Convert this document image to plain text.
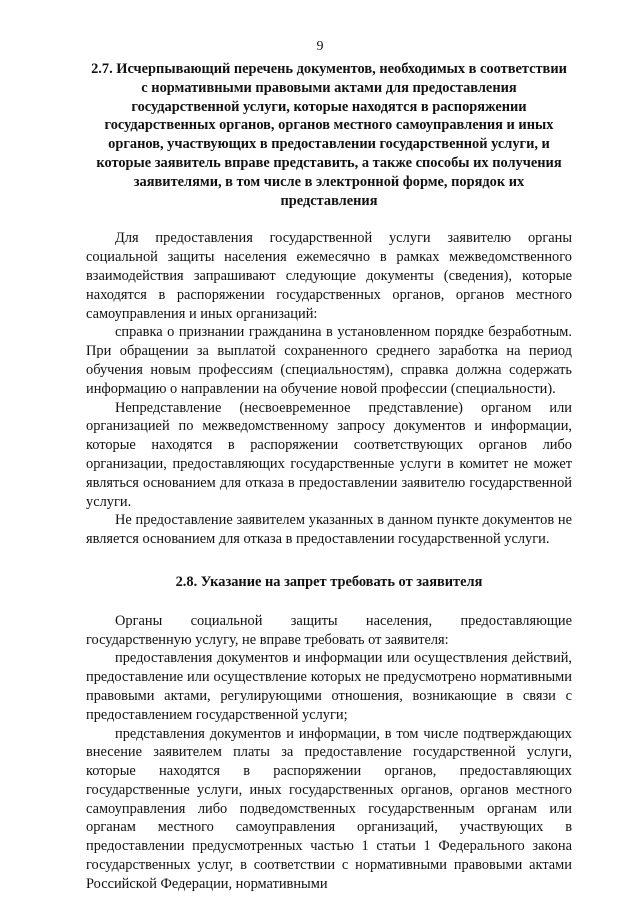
9
2.7. Исчерпывающий перечень документов, необходимых в соответствии с нормативными правовыми актами для предоставления государственной услуги, которые находятся в распоряжении государственных органов, органов местного самоуправления и иных органов, участвующих в предоставлении государственной услуги, и которые заявитель вправе представить, а также способы их получения заявителями, в том числе в электронной форме, порядок их представления

Для предоставления государственной услуги заявителю органы социальной защиты населения ежемесячно в рамках межведомственного взаимодействия запрашивают следующие документы (сведения), которые находятся в распоряжении государственных органов, органов местного самоуправления и иных организаций:

справка о признании гражданина в установленном порядке безработным. При обращении за выплатой сохраненного среднего заработка на период обучения новым профессиям (специальностям), справка должна содержать информацию о направлении на обучение новой профессии (специальности).

Непредставление (несвоевременное представление) органом или организацией по межведомственному запросу документов и информации, которые находятся в распоряжении соответствующих органов либо организации, предоставляющих государственные услуги в комитет не может являться основанием для отказа в предоставлении заявителю государственной услуги.

Не предоставление заявителем указанных в данном пункте документов не является основанием для отказа в предоставлении государственной услуги.

2.8. Указание на запрет требовать от заявителя

Органы социальной защиты населения, предоставляющие государственную услугу, не вправе требовать от заявителя:

предоставления документов и информации или осуществления действий, предоставление или осуществление которых не предусмотрено нормативными правовыми актами, регулирующими отношения, возникающие в связи с предоставлением государственной услуги;

представления документов и информации, в том числе подтверждающих внесение заявителем платы за предоставление государственной услуги, которые находятся в распоряжении органов, предоставляющих государственные услуги, иных государственных органов, органов местного самоуправления либо подведомственных государственным органам или органам местного самоуправления организаций, участвующих в предоставлении предусмотренных частью 1 статьи 1 Федерального закона государственных услуг, в соответствии с нормативными правовыми актами Российской Федерации, нормативными
